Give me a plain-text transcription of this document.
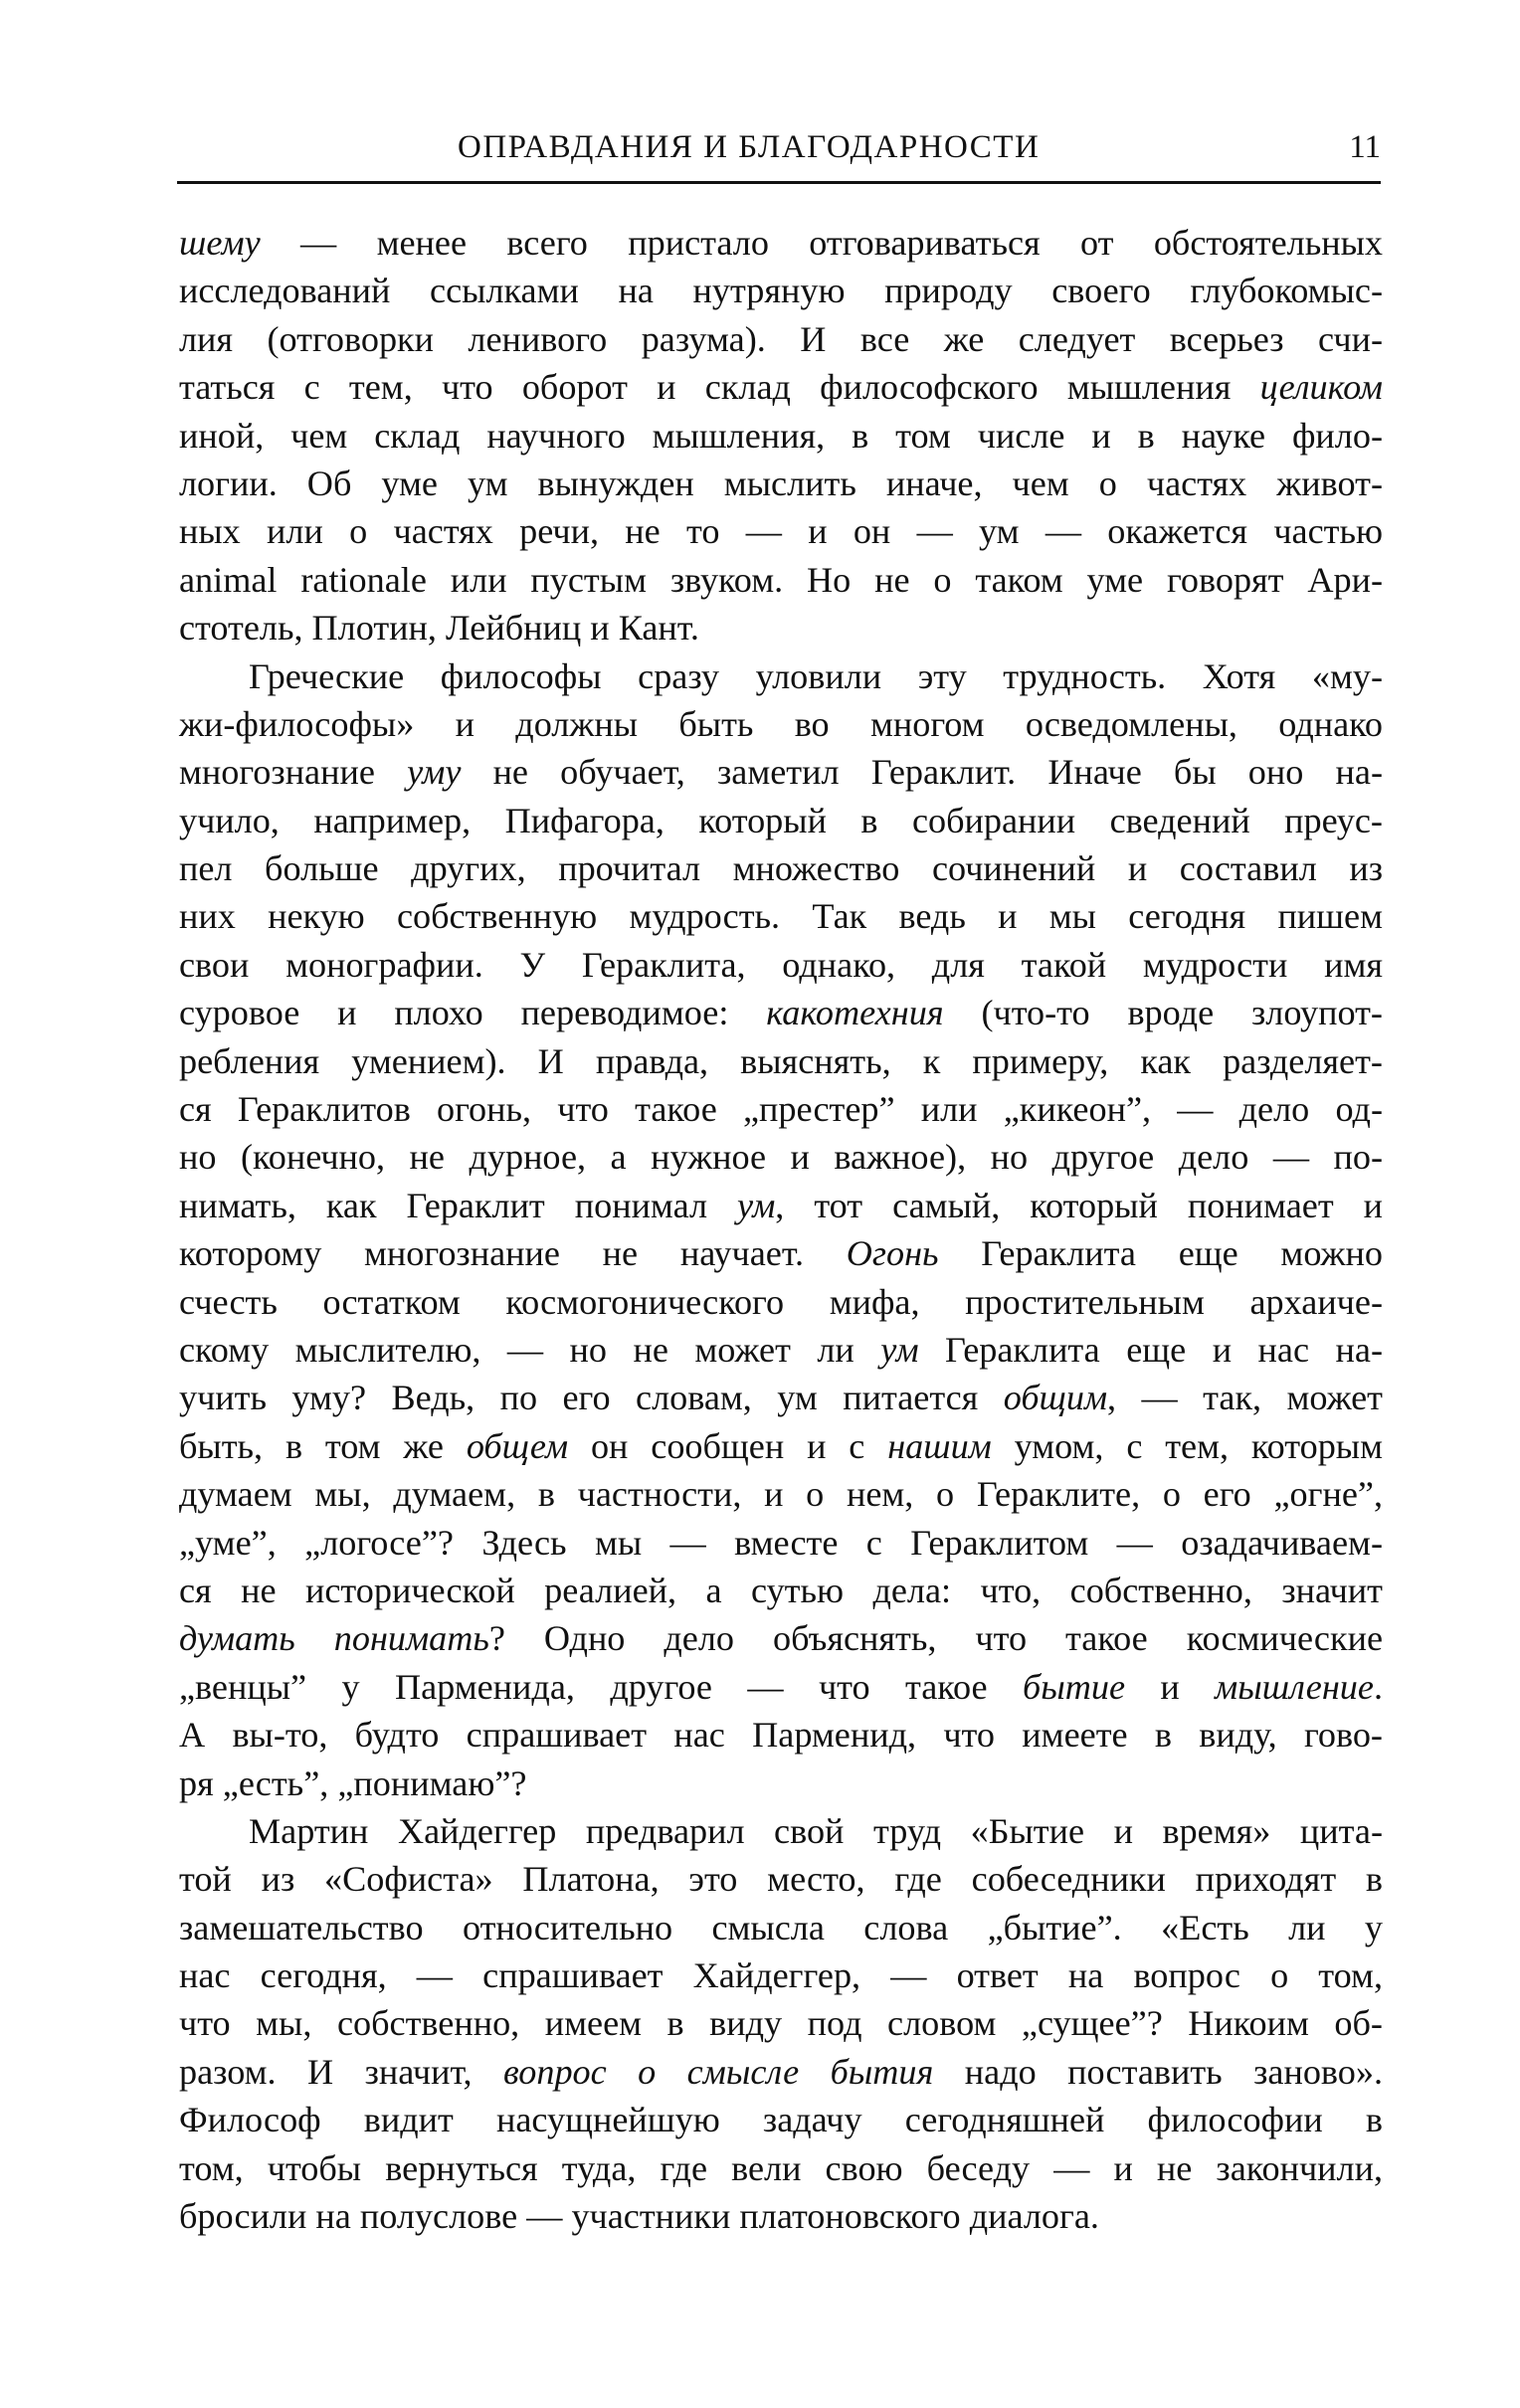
ОПРАВДАНИЯ И БЛАГОДАРНОСТИ	11
шему — менее всего пристало отговариваться от обстоятельных
исследований ссылками на нутряную природу своего глубокомыс-
лия (отговорки ленивого разума). И все же следует всерьез счи-
таться с тем, что оборот и склад философского мышления целиком
иной, чем склад научного мышления, в том числе и в науке фило-
логии. Об уме ум вынужден мыслить иначе, чем о частях живот-
ных или о частях речи, не то — и он — ум — окажется частью
animal rationale или пустым звуком. Но не о таком уме говорят Ари-
стотель, Плотин, Лейбниц и Кант.
Греческие философы сразу уловили эту трудность. Хотя «му-
жи-философы» и должны быть во многом осведомлены, однако
многознание уму не обучает, заметил Гераклит. Иначе бы оно на-
учило, например, Пифагора, который в собирании сведений преус-
пел больше других, прочитал множество сочинений и составил из
них некую собственную мудрость. Так ведь и мы сегодня пишем
свои монографии. У Гераклита, однако, для такой мудрости имя
суровое и плохо переводимое: какотехния (что-то вроде злоупот-
ребления умением). И правда, выяснять, к примеру, как разделяет-
ся Гераклитов огонь, что такое „престер” или „кикеон”, — дело од-
но (конечно, не дурное, а нужное и важное), но другое дело — по-
нимать, как Гераклит понимал ум, тот самый, который понимает и
которому многознание не научает. Огонь Гераклита еще можно
счесть остатком космогонического мифа, простительным архаиче-
скому мыслителю, — но не может ли ум Гераклита еще и нас на-
учить уму? Ведь, по его словам, ум питается общим, — так, может
быть, в том же общем он сообщен и с нашим умом, с тем, которым
думаем мы, думаем, в частности, и о нем, о Гераклите, о его „огне”,
„уме”, „логосе”? Здесь мы — вместе с Гераклитом — озадачиваем-
ся не исторической реалией, а сутью дела: что, собственно, значит
думать понимать? Одно дело объяснять, что такое космические
„венцы” у Парменида, другое — что такое бытие и мышление.
А вы-то, будто спрашивает нас Парменид, что имеете в виду, гово-
ря „есть”, „понимаю”?
Мартин Хайдеггер предварил свой труд «Бытие и время» цита-
той из «Софиста» Платона, это место, где собеседники приходят в
замешательство относительно смысла слова „бытие”. «Есть ли у
нас сегодня, — спрашивает Хайдеггер, — ответ на вопрос о том,
что мы, собственно, имеем в виду под словом „сущее”? Никоим об-
разом. И значит, вопрос о смысле бытия надо поставить заново».
Философ видит насущнейшую задачу сегодняшней философии в
том, чтобы вернуться туда, где вели свою беседу — и не закончили,
бросили на полуслове — участники платоновского диалога.
